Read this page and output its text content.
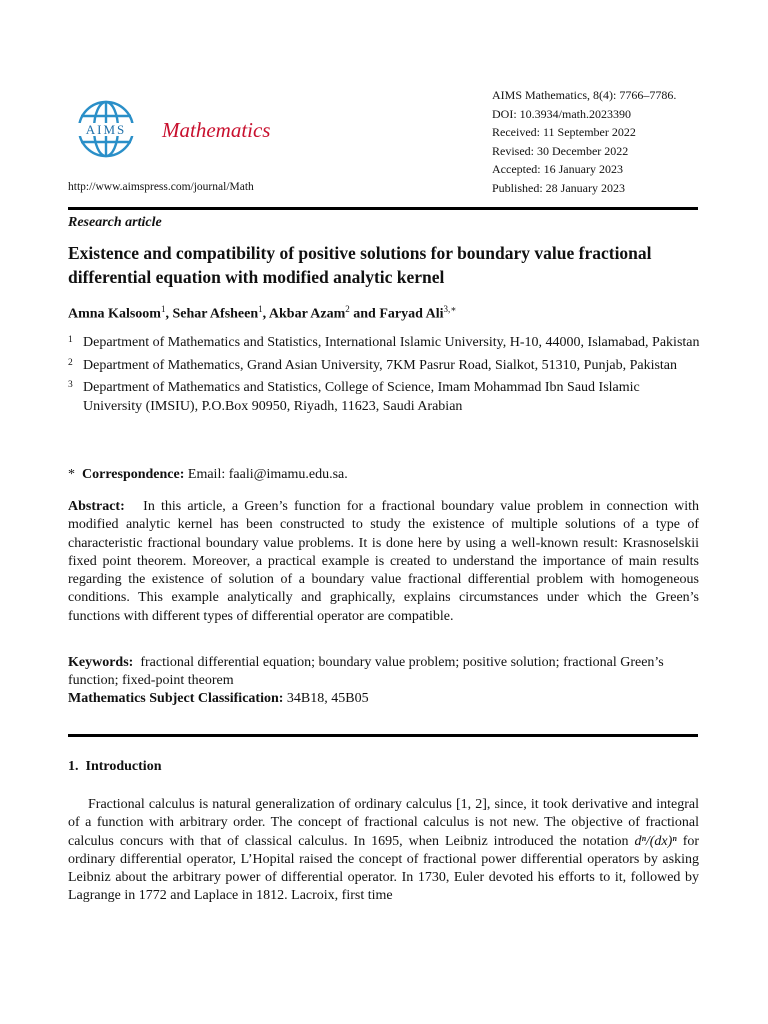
AIMS Mathematics
http://www.aimspress.com/journal/Math
AIMS Mathematics, 8(4): 7766–7786.
DOI: 10.3934/math.2023390
Received: 11 September 2022
Revised: 30 December 2022
Accepted: 16 January 2023
Published: 28 January 2023
Research article
Existence and compatibility of positive solutions for boundary value fractional differential equation with modified analytic kernel
Amna Kalsoom$^1$, Sehar Afsheen$^1$, Akbar Azam$^2$ and Faryad Ali$^{3,∗}$
1 Department of Mathematics and Statistics, International Islamic University, H-10, 44000, Islamabad, Pakistan
2 Department of Mathematics, Grand Asian University, 7KM Pasrur Road, Sialkot, 51310, Punjab, Pakistan
3 Department of Mathematics and Statistics, College of Science, Imam Mohammad Ibn Saud Islamic University (IMSIU), P.O.Box 90950, Riyadh, 11623, Saudi Arabian
* Correspondence: Email: faali@imamu.edu.sa.
Abstract: In this article, a Green’s function for a fractional boundary value problem in connection with modified analytic kernel has been constructed to study the existence of multiple solutions of a type of characteristic fractional boundary value problems. It is done here by using a well-known result: Krasnoselskii fixed point theorem. Moreover, a practical example is created to understand the importance of main results regarding the existence of solution of a boundary value fractional differential problem with homogeneous conditions. This example analytically and graphically, explains circumstances under which the Green’s functions with different types of differential operator are compatible.
Keywords: fractional differential equation; boundary value problem; positive solution; fractional Green’s function; fixed-point theorem
Mathematics Subject Classification: 34B18, 45B05
1. Introduction
Fractional calculus is natural generalization of ordinary calculus [1, 2], since, it took derivative and integral of a function with arbitrary order. The concept of fractional calculus is not new. The objective of fractional calculus concurs with that of classical calculus. In 1695, when Leibniz introduced the notation dⁿ/(dx)ⁿ for ordinary differential operator, L’Hopital raised the concept of fractional power differential operators by asking Leibniz about the arbitrary power of differential operator. In 1730, Euler devoted his efforts to it, followed by Lagrange in 1772 and Laplace in 1812. Lacroix, first time
